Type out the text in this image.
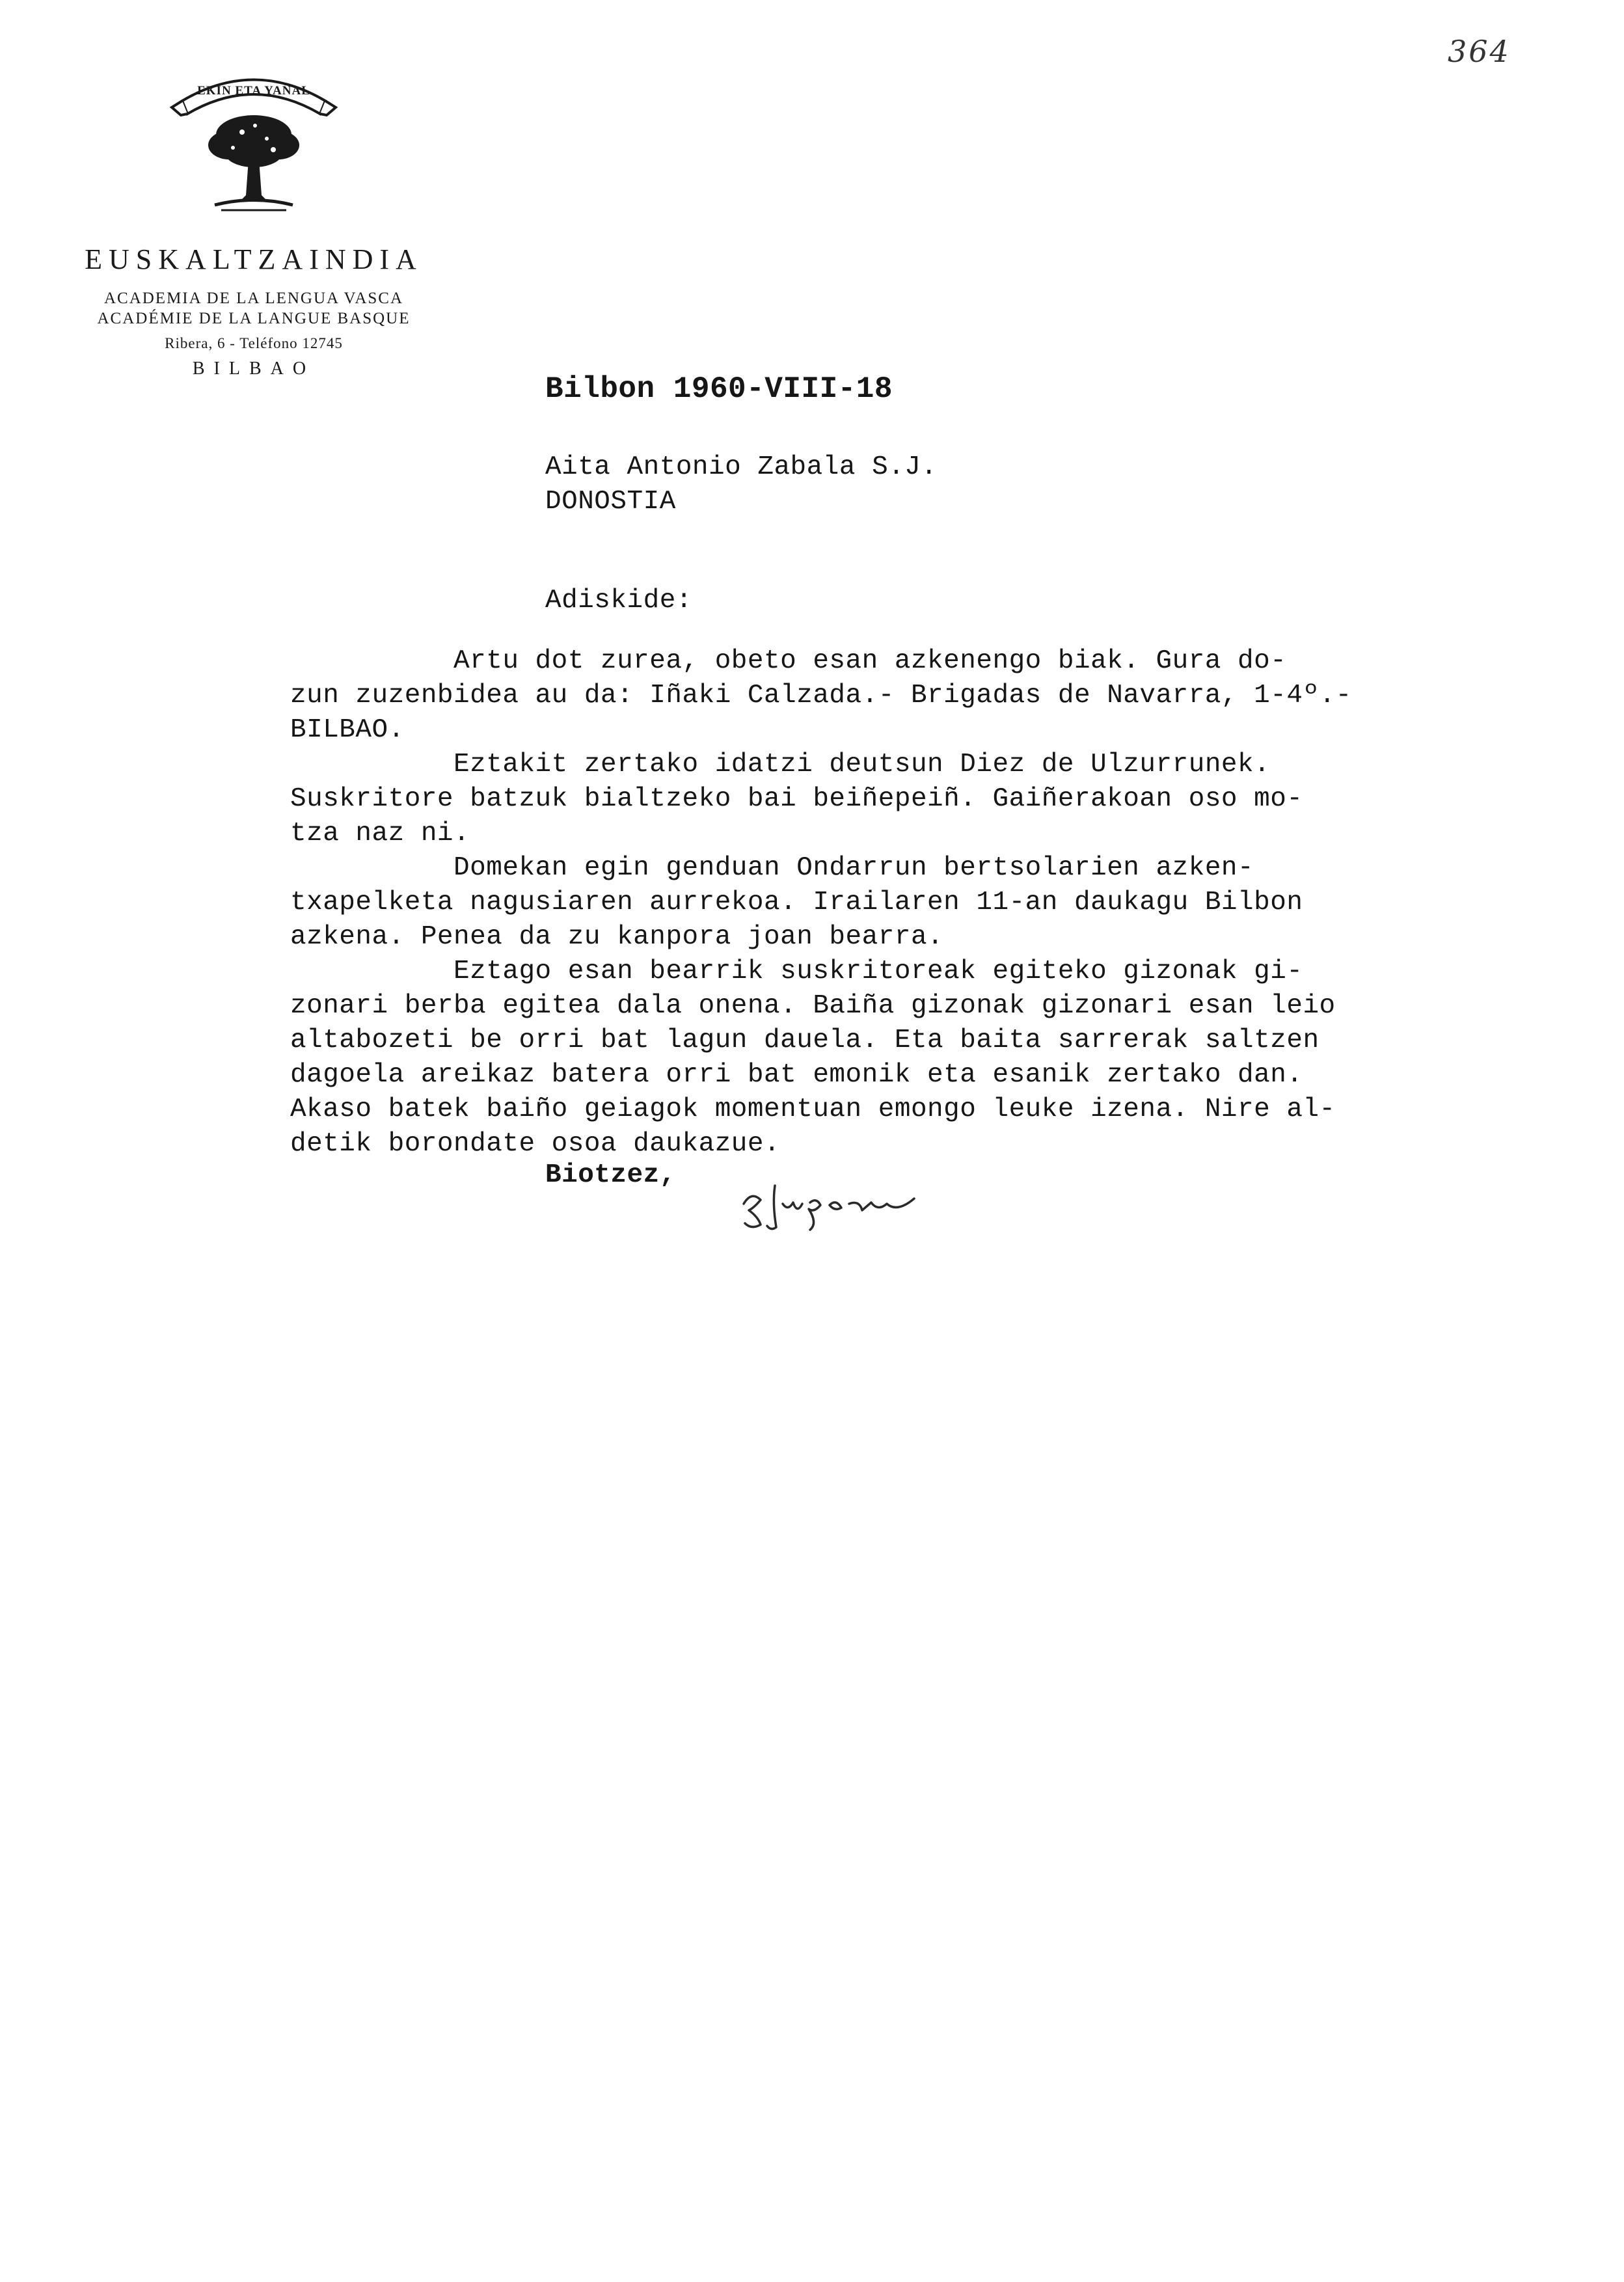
EKIN ETA YAÑAL
EUSKALTZAINDIA
ACADEMIA DE LA LENGUA VASCA
ACADÉMIE DE LA LANGUE BASQUE
Ribera, 6 - Teléfono 12745
BILBAO
364
Bilbon 1960-VIII-18
Aita Antonio Zabala S.J.
DONOSTIA
Adiskide:
Artu dot zurea, obeto esan azkenengo biak. Gura do-
zun zuzenbidea au da: Iñaki Calzada.- Brigadas de Navarra, 1-4º.-
BILBAO.
Eztakit zertako idatzi deutsun Diez de Ulzurrunek.
Suskritore batzuk bialtzeko bai beiñepeiñ. Gaiñerakoan oso mo-
tza naz ni.
Domekan egin genduan Ondarrun bertsolarien azken-
txapelketa nagusiaren aurrekoa. Irailaren 11-an daukagu Bilbon
azkena. Penea da zu kanpora joan bearra.
Eztago esan bearrik suskritoreak egiteko gizonak gi-
zonari berba egitea dala onena. Baiña gizonak gizonari esan leio
altabozeti be orri bat lagun dauela. Eta baita sarrerak saltzen
dagoela areikaz batera orri bat emonik eta esanik zertako dan.
Akaso batek baiño geiagok momentuan emongo leuke izena. Nire al-
detik borondate osoa daukazue.
Biotzez,
